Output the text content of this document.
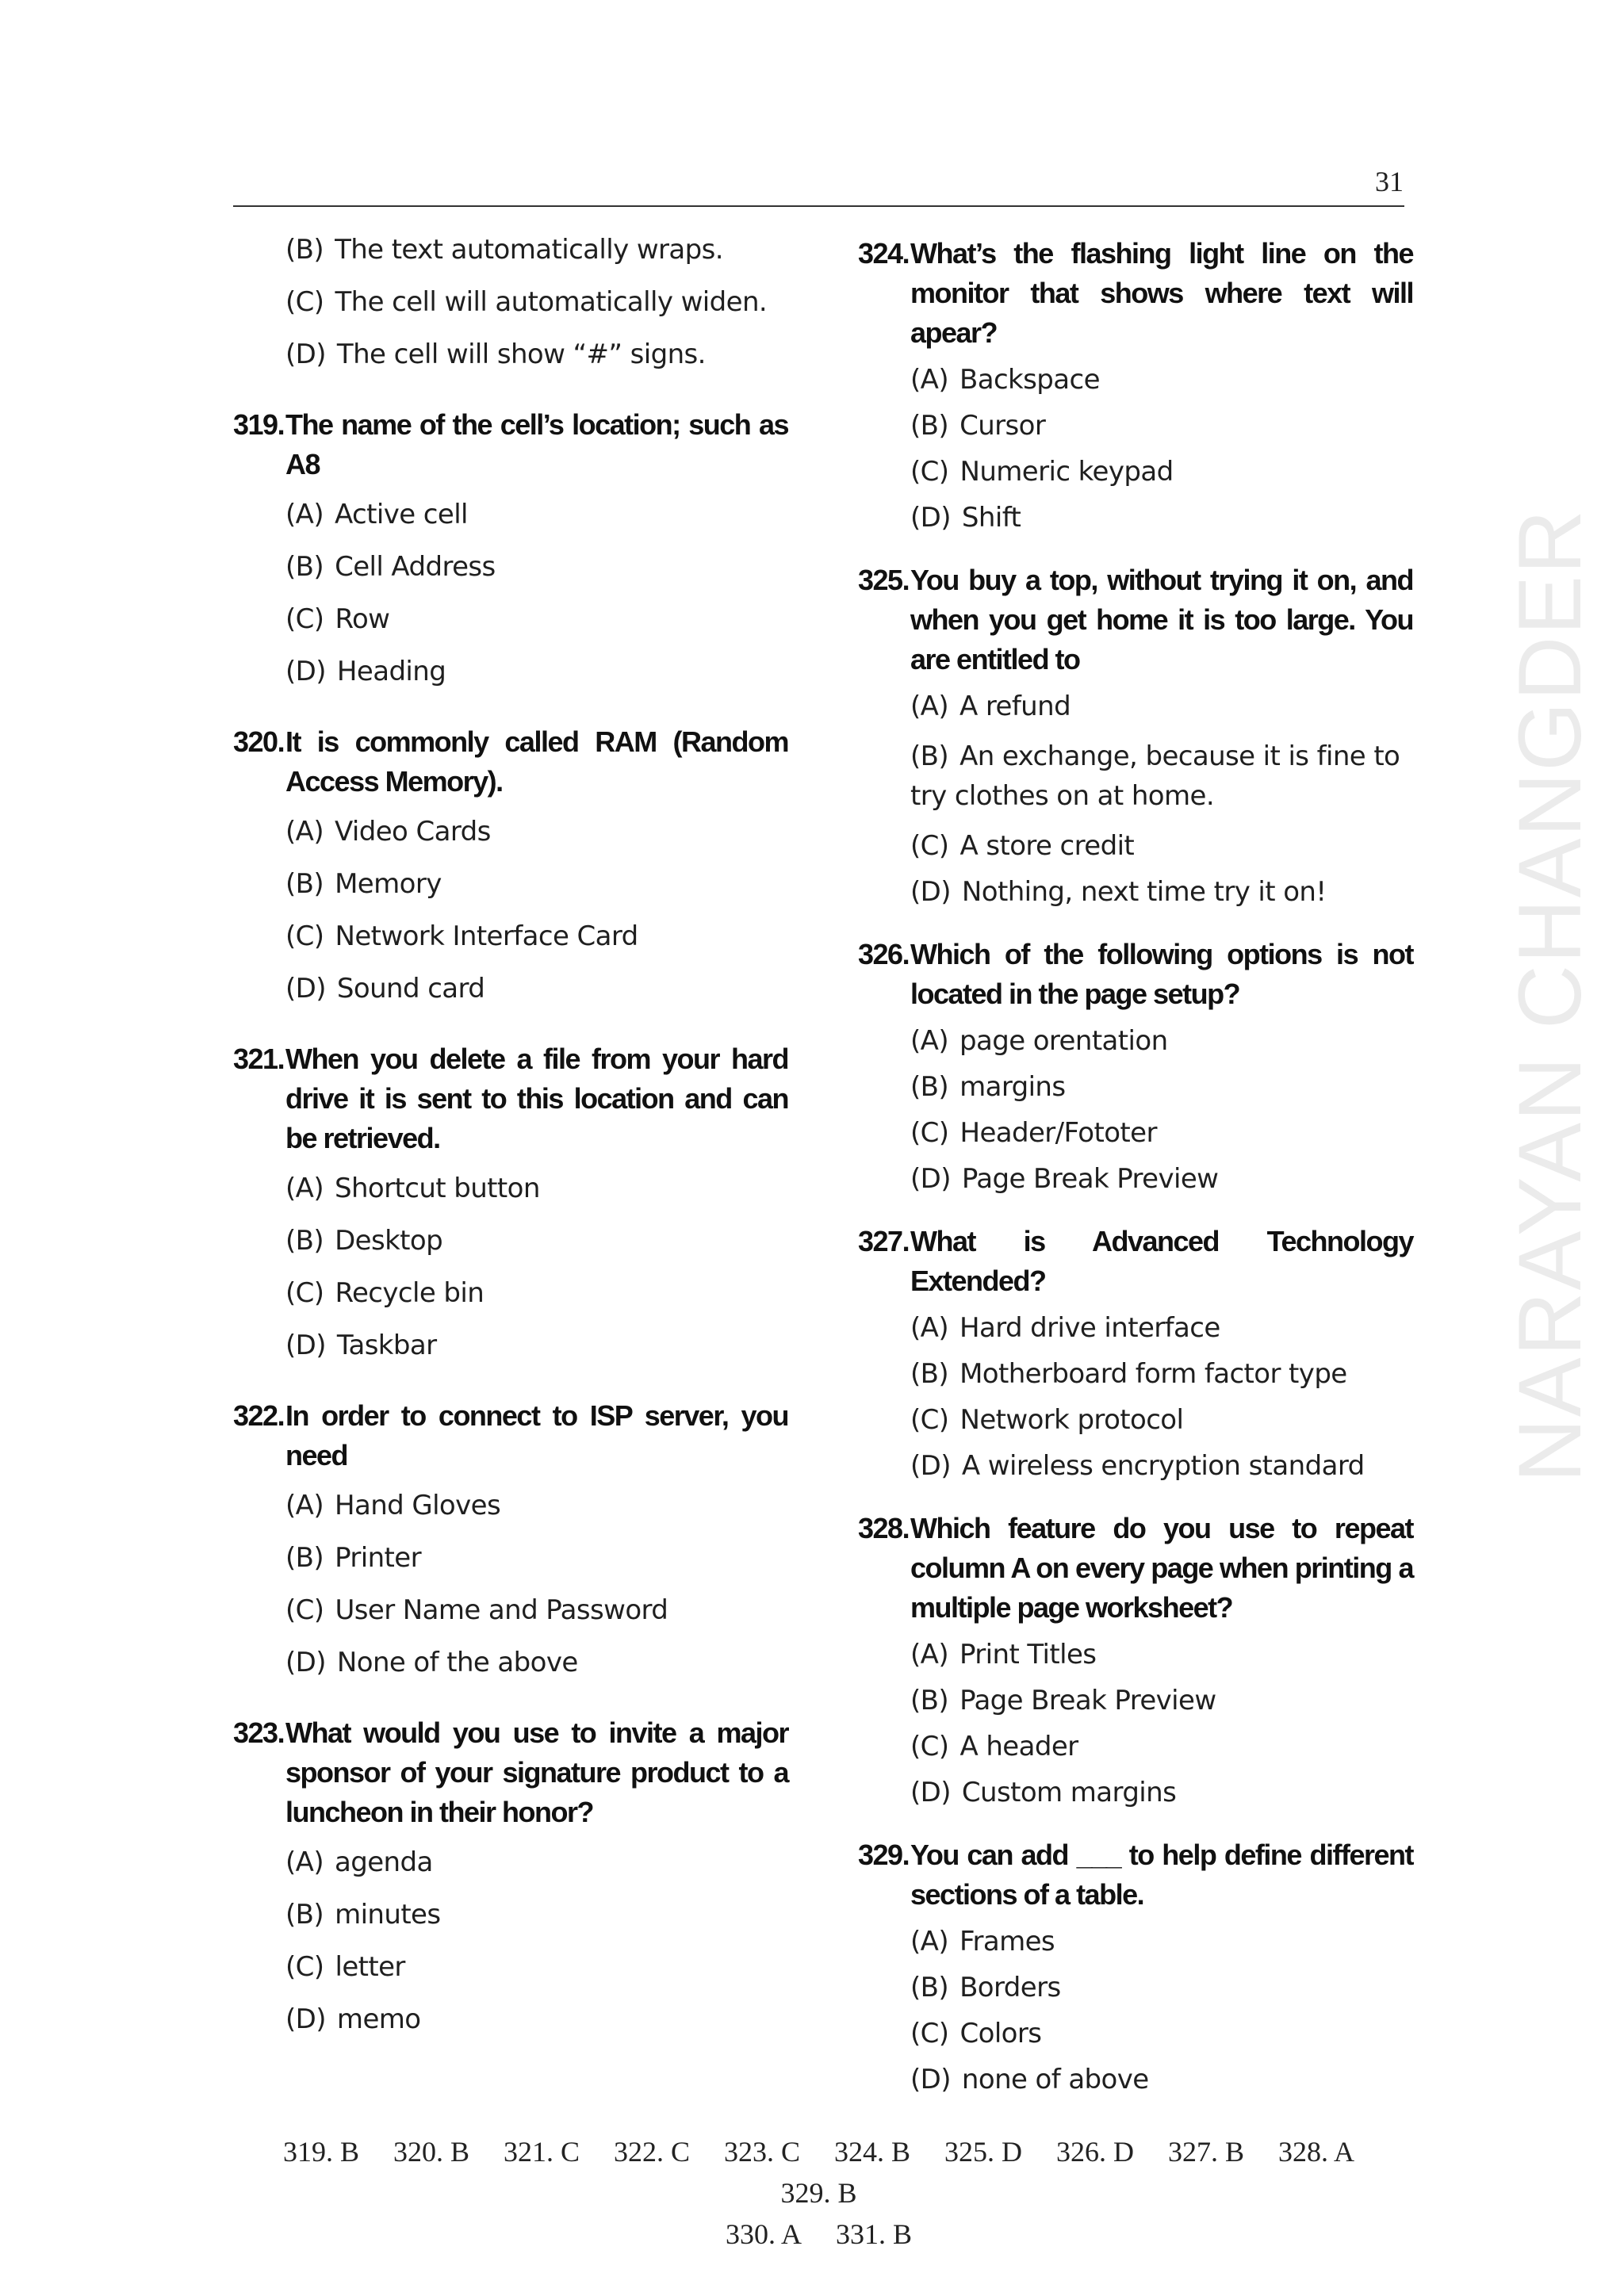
31
(B) The text automatically wraps.
(C) The cell will automatically widen.
(D) The cell will show “#” signs.
319. The name of the cell’s location; such as A8
(A) Active cell
(B) Cell Address
(C) Row
(D) Heading
320. It is commonly called RAM (Random Access Memory).
(A) Video Cards
(B) Memory
(C) Network Interface Card
(D) Sound card
321. When you delete a file from your hard drive it is sent to this location and can be retrieved.
(A) Shortcut button
(B) Desktop
(C) Recycle bin
(D) Taskbar
322. In order to connect to ISP server, you need
(A) Hand Gloves
(B) Printer
(C) User Name and Password
(D) None of the above
323. What would you use to invite a major sponsor of your signature product to a luncheon in their honor?
(A) agenda
(B) minutes
(C) letter
(D) memo
324. What’s the flashing light line on the monitor that shows where text will apear?
(A) Backspace
(B) Cursor
(C) Numeric keypad
(D) Shift
325. You buy a top, without trying it on, and when you get home it is too large. You are entitled to
(A) A refund
(B) An exchange, because it is fine to try clothes on at home.
(C) A store credit
(D) Nothing, next time try it on!
326. Which of the following options is not located in the page setup?
(A) page orentation
(B) margins
(C) Header/Fototer
(D) Page Break Preview
327. What is Advanced Technology Extended?
(A) Hard drive interface
(B) Motherboard form factor type
(C) Network protocol
(D) A wireless encryption standard
328. Which feature do you use to repeat column A on every page when printing a multiple page worksheet?
(A) Print Titles
(B) Page Break Preview
(C) A header
(D) Custom margins
329. You can add ___ to help define different sections of a table.
(A) Frames
(B) Borders
(C) Colors
(D) none of above
NARAYAN CHANGDER
319. B 320. B 321. C 322. C 323. C 324. B 325. D 326. D 327. B 328. A 329. B
330. A 331. B
